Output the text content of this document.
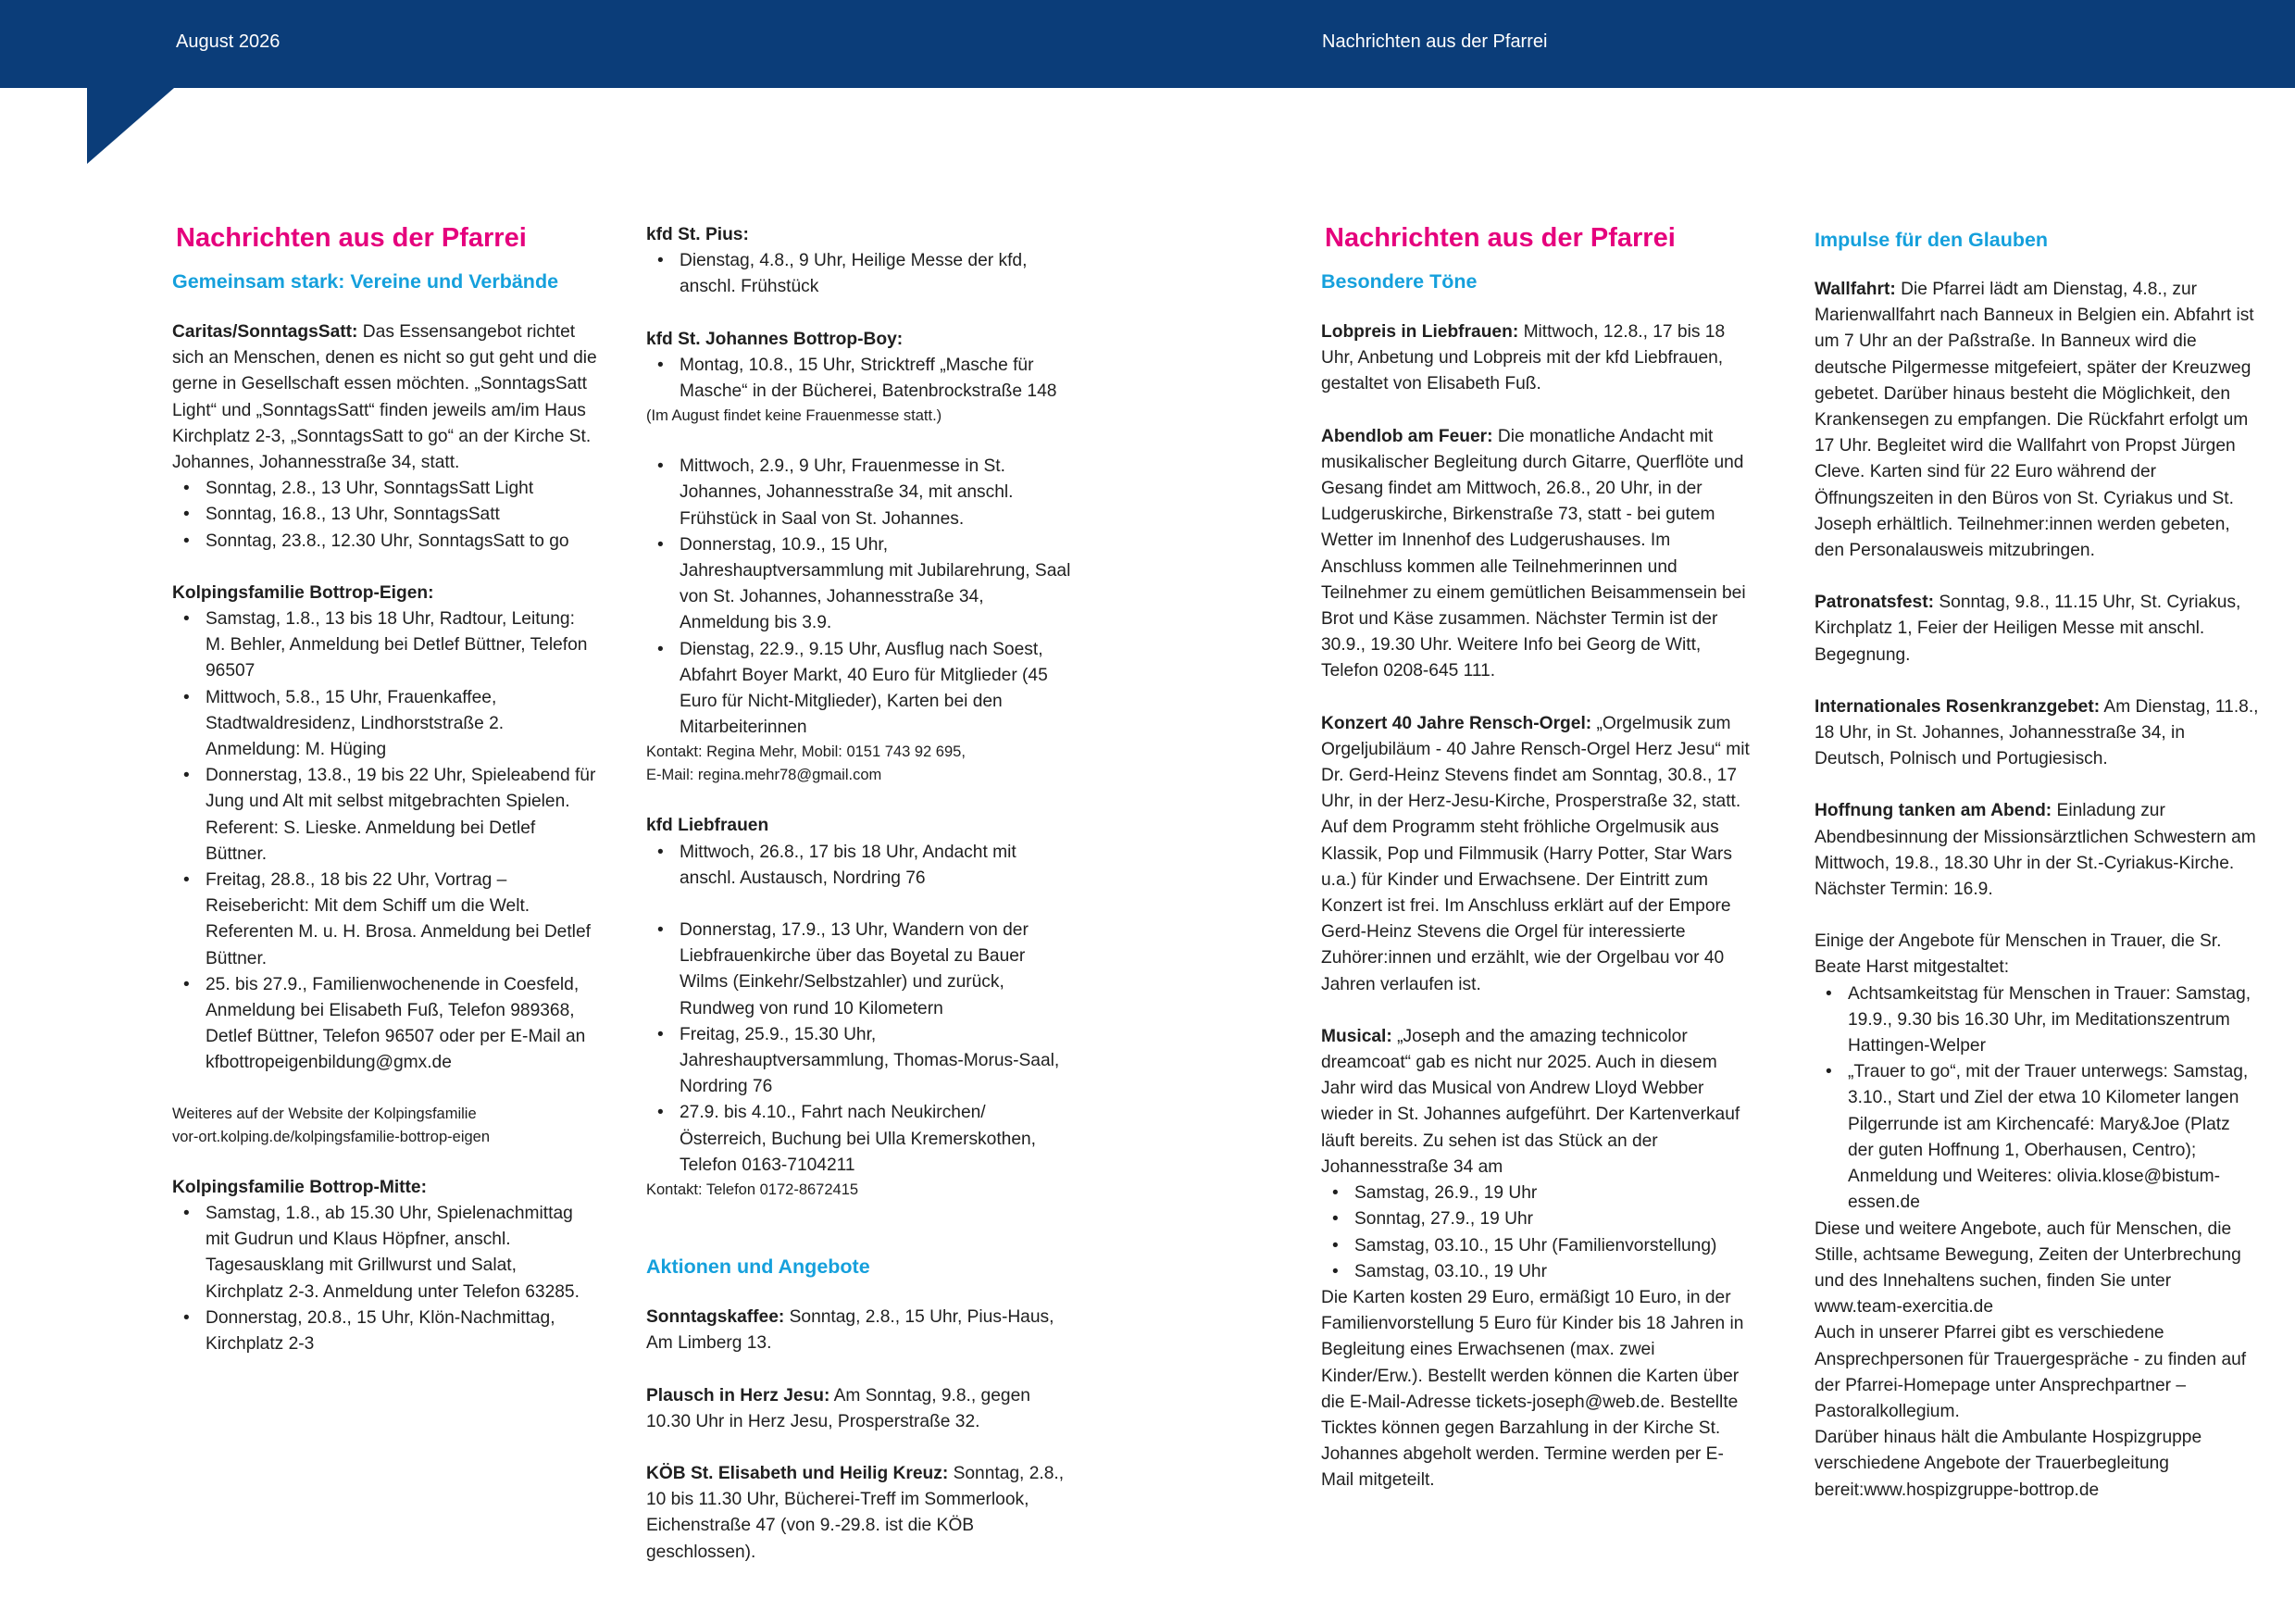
August 2026	Nachrichten aus der Pfarrei
Nachrichten aus der Pfarrei
Gemeinsam stark: Vereine und Verbände

Caritas/SonntagsSatt: Das Essensangebot richtet sich an Menschen, denen es nicht so gut geht und die gerne in Gesellschaft essen möchten. „SonntagsSatt Light“ und „SonntagsSatt“ finden jeweils am/im Haus Kirchplatz 2-3, „SonntagsSatt to go“ an der Kirche St. Johannes, Johannesstraße 34, statt.

• Sonntag, 2.8., 13 Uhr, SonntagsSatt Light
• Sonntag, 16.8., 13 Uhr, SonntagsSatt
• Sonntag, 23.8., 12.30 Uhr, SonntagsSatt to go

Kolpingsfamilie Bottrop-Eigen:

• Samstag, 1.8., 13 bis 18 Uhr, Radtour, Leitung: M. Behler, Anmeldung bei Detlef Büttner, Telefon 96507
• Mittwoch, 5.8., 15 Uhr, Frauenkaffee, Stadtwaldresidenz, Lindhorststraße 2. Anmeldung: M. Hüging
• Donnerstag, 13.8., 19 bis 22 Uhr, Spieleabend für Jung und Alt mit selbst mitgebrachten Spielen. Referent: S. Lieske. Anmeldung bei Detlef Büttner.
• Freitag, 28.8., 18 bis 22 Uhr, Vortrag – Reisebericht: Mit dem Schiff um die Welt. Referenten M. u. H. Brosa. Anmeldung bei Detlef Büttner.
• 25. bis 27.9., Familienwochenende in Coesfeld, Anmeldung bei Elisabeth Fuß, Telefon 989368, Detlef Büttner, Telefon 96507 oder per E-Mail an kfbottropeigenbildung@gmx.de

Weiteres auf der Website der Kolpingsfamilie

vor-ort.kolping.de/kolpingsfamilie-bottrop-eigen

Kolpingsfamilie Bottrop-Mitte:

• Samstag, 1.8., ab 15.30 Uhr, Spielenachmittag mit Gudrun und Klaus Höpfner, anschl. Tagesausklang mit Grillwurst und Salat, Kirchplatz 2-3. Anmeldung unter Telefon 63285.
• Donnerstag, 20.8., 15 Uhr, Klön-Nachmittag, Kirchplatz 2-3

kfd St. Pius:

• Dienstag, 4.8., 9 Uhr, Heilige Messe der kfd, anschl. Frühstück

kfd St. Johannes Bottrop-Boy:

• Montag, 10.8., 15 Uhr, Stricktreff „Masche für Masche“ in der Bücherei, Batenbrockstraße 148

(Im August findet keine Frauenmesse statt.)

• Mittwoch, 2.9., 9 Uhr, Frauenmesse in St. Johannes, Johannesstraße 34, mit anschl. Frühstück in Saal von St. Johannes.
• Donnerstag, 10.9., 15 Uhr, Jahreshauptversammlung mit Jubilarehrung, Saal von St. Johannes, Johannesstraße 34, Anmeldung bis 3.9.
• Dienstag, 22.9., 9.15 Uhr, Ausflug nach Soest, Abfahrt Boyer Markt, 40 Euro für Mitglieder (45 Euro für Nicht-Mitglieder), Karten bei den Mitarbeiterinnen

Kontakt: Regina Mehr, Mobil: 0151 743 92 695,

E-Mail: regina.mehr78@gmail.com

kfd Liebfrauen

• Mittwoch, 26.8., 17 bis 18 Uhr, Andacht mit anschl. Austausch, Nordring 76
• Donnerstag, 17.9., 13 Uhr, Wandern von der Liebfrauenkirche über das Boyetal zu Bauer Wilms (Einkehr/Selbstzahler) und zurück, Rundweg von rund 10 Kilometern
• Freitag, 25.9., 15.30 Uhr, Jahreshauptversammlung, Thomas-Morus-Saal, Nordring 76
• 27.9. bis 4.10., Fahrt nach Neukirchen/ Österreich, Buchung bei Ulla Kremerskothen, Telefon 0163-7104211

Kontakt: Telefon 0172-8672415

Aktionen und Angebote

Sonntagskaffee: Sonntag, 2.8., 15 Uhr, Pius-Haus, Am Limberg 13.

Plausch in Herz Jesu: Am Sonntag, 9.8., gegen 10.30 Uhr in Herz Jesu, Prosperstraße 32.

KÖB St. Elisabeth und Heilig Kreuz: Sonntag, 2.8., 10 bis 11.30 Uhr, Bücherei-Treff im Sommerlook, Eichenstraße 47 (von 9.-29.8. ist die KÖB geschlossen).

Nachrichten aus der Pfarrei
Besondere Töne

Lobpreis in Liebfrauen: Mittwoch, 12.8., 17 bis 18 Uhr, Anbetung und Lobpreis mit der kfd Liebfrauen, gestaltet von Elisabeth Fuß.

Abendlob am Feuer: Die monatliche Andacht mit musikalischer Begleitung durch Gitarre, Querflöte und Gesang findet am Mittwoch, 26.8., 20 Uhr, in der Ludgeruskirche, Birkenstraße 73, statt - bei gutem Wetter im Innenhof des Ludgerushauses. Im Anschluss kommen alle Teilnehmerinnen und Teilnehmer zu einem gemütlichen Beisammensein bei Brot und Käse zusammen. Nächster Termin ist der 30.9., 19.30 Uhr. Weitere Info bei Georg de Witt, Telefon 0208-645 111.

Konzert 40 Jahre Rensch-Orgel: „Orgelmusik zum Orgeljubiläum - 40 Jahre Rensch-Orgel Herz Jesu“ mit Dr. Gerd-Heinz Stevens findet am Sonntag, 30.8., 17 Uhr, in der Herz-Jesu-Kirche, Prosperstraße 32, statt. Auf dem Programm steht fröhliche Orgelmusik aus Klassik, Pop und Filmmusik (Harry Potter, Star Wars u.a.) für Kinder und Erwachsene. Der Eintritt zum Konzert ist frei. Im Anschluss erklärt auf der Empore Gerd-Heinz Stevens die Orgel für interessierte Zuhörer:innen und erzählt, wie der Orgelbau vor 40 Jahren verlaufen ist.

Musical: „Joseph and the amazing technicolor dreamcoat“ gab es nicht nur 2025. Auch in diesem Jahr wird das Musical von Andrew Lloyd Webber wieder in St. Johannes aufgeführt. Der Kartenverkauf läuft bereits. Zu sehen ist das Stück an der Johannesstraße 34 am

• Samstag, 26.9., 19 Uhr
• Sonntag, 27.9., 19 Uhr
• Samstag, 03.10., 15 Uhr (Familienvorstellung)
• Samstag, 03.10., 19 Uhr

Die Karten kosten 29 Euro, ermäßigt 10 Euro, in der Familienvorstellung 5 Euro für Kinder bis 18 Jahren in Begleitung eines Erwachsenen (max. zwei Kinder/Erw.). Bestellt werden können die Karten über die E-Mail-Adresse tickets-joseph@web.de. Bestellte Ticktes können gegen Barzahlung in der Kirche St. Johannes abgeholt werden. Termine werden per E-Mail mitgeteilt.

Impulse für den Glauben

Wallfahrt: Die Pfarrei lädt am Dienstag, 4.8., zur Marienwallfahrt nach Banneux in Belgien ein. Abfahrt ist um 7 Uhr an der Paßstraße. In Banneux wird die deutsche Pilgermesse mitgefeiert, später der Kreuzweg gebetet. Darüber hinaus besteht die Möglichkeit, den Krankensegen zu empfangen. Die Rückfahrt erfolgt um 17 Uhr. Begleitet wird die Wallfahrt von Propst Jürgen Cleve. Karten sind für 22 Euro während der Öffnungszeiten in den Büros von St. Cyriakus und St. Joseph erhältlich. Teilnehmer:innen werden gebeten, den Personalausweis mitzubringen.

Patronatsfest: Sonntag, 9.8., 11.15 Uhr, St. Cyriakus, Kirchplatz 1, Feier der Heiligen Messe mit anschl. Begegnung.

Internationales Rosenkranzgebet: Am Dienstag, 11.8., 18 Uhr, in St. Johannes, Johannesstraße 34, in Deutsch, Polnisch und Portugiesisch.

Hoffnung tanken am Abend: Einladung zur Abendbesinnung der Missionsärztlichen Schwestern am Mittwoch, 19.8., 18.30 Uhr in der St.-Cyriakus-Kirche. Nächster Termin: 16.9.

Einige der Angebote für Menschen in Trauer, die Sr. Beate Harst mitgestaltet:

• Achtsamkeitstag für Menschen in Trauer: Samstag, 19.9., 9.30 bis 16.30 Uhr, im Meditationszentrum Hattingen-Welper
• „Trauer to go“, mit der Trauer unterwegs: Samstag, 3.10., Start und Ziel der etwa 10 Kilometer langen Pilgerrunde ist am Kirchencafé: Mary&Joe (Platz der guten Hoffnung 1, Oberhausen, Centro); Anmeldung und Weiteres: olivia.klose@bistum-essen.de

Diese und weitere Angebote, auch für Menschen, die Stille, achtsame Bewegung, Zeiten der Unterbrechung und des Innehaltens suchen, finden Sie unter www.team-exercitia.de

Auch in unserer Pfarrei gibt es verschiedene Ansprechpersonen für Trauergespräche - zu finden auf der Pfarrei-Homepage unter Ansprechpartner – Pastoralkollegium.

Darüber hinaus hält die Ambulante Hospizgruppe verschiedene Angebote der Trauerbegleitung bereit:www.hospizgruppe-bottrop.de
